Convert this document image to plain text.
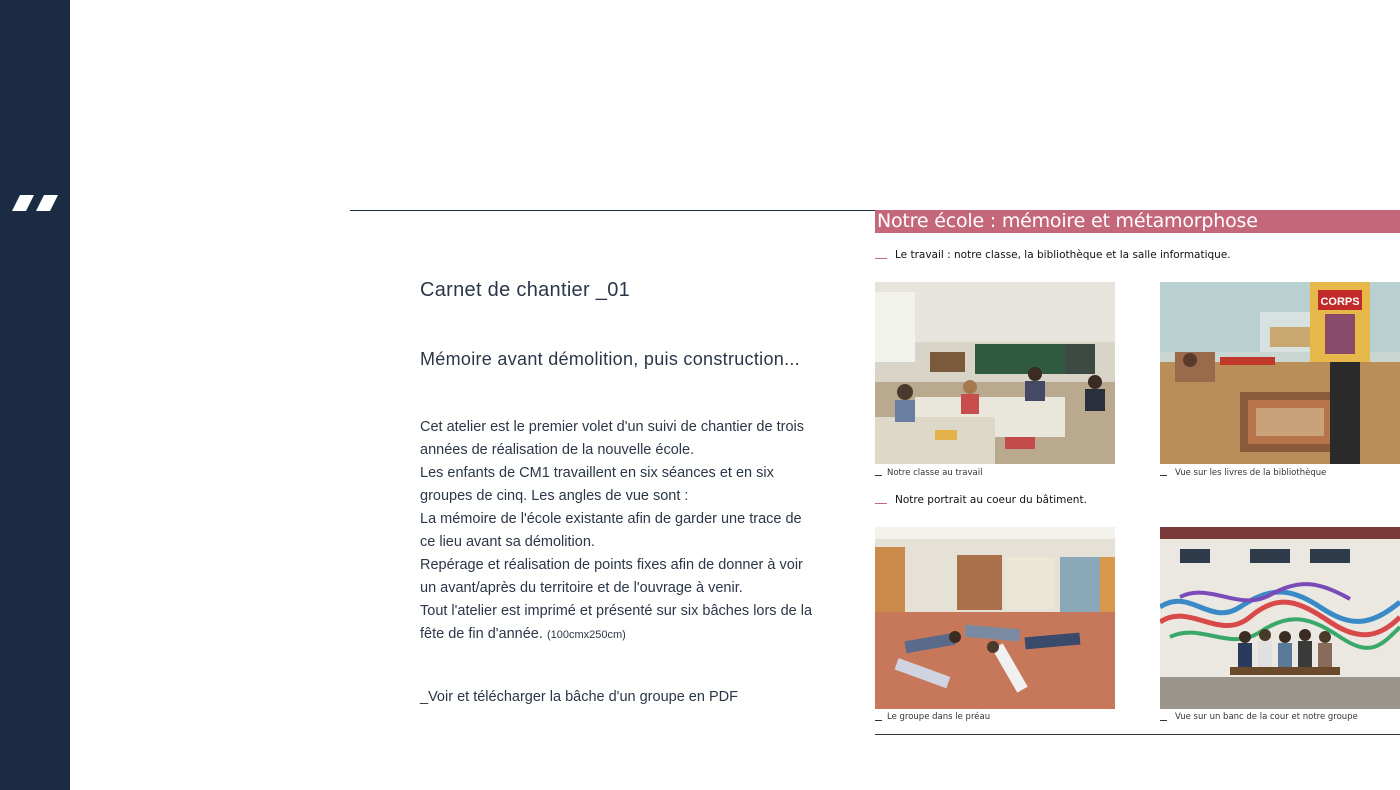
Carnet de chantier _01
Mémoire avant démolition, puis construction...

Cet atelier est le premier volet d'un suivi de chantier de trois années de réalisation de la nouvelle école.

Les enfants de CM1 travaillent en six séances et en six groupes de cinq. Les angles de vue sont :

La mémoire de l'école existante afin de garder une trace de ce lieu avant sa démolition.

Repérage et réalisation de points fixes afin de donner à voir un avant/après du territoire et de l'ouvrage à venir.

Tout l'atelier est imprimé et présenté sur six bâches lors de la fête de fin d'année. (100cmx250cm)

_Voir et télécharger la bâche d'un groupe en PDF
Notre école : mémoire et métamorphose
Le travail : notre classe, la bibliothèque et la salle informatique.
Notre classe au travail
CORPS
Vue sur les livres de la bibliothèque
Notre portrait au coeur du bâtiment.
Le groupe dans le préau	Vue sur un banc de la cour et notre groupe
